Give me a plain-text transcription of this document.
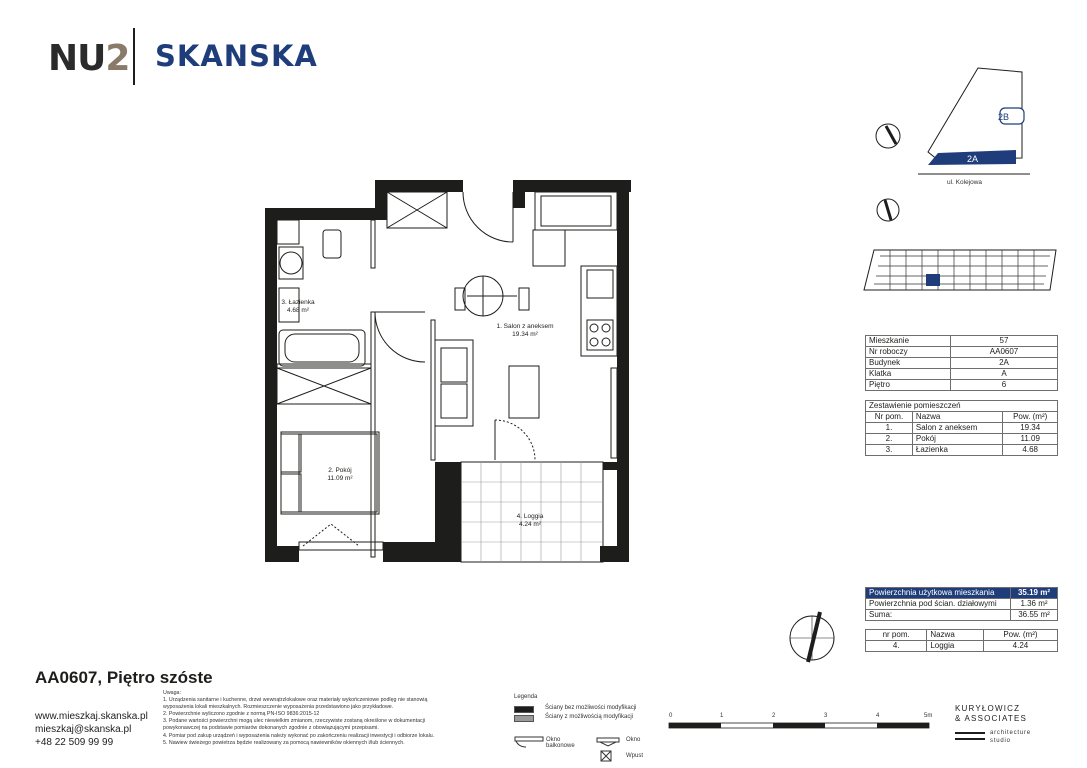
NU2 SKANSKA
1. Salon z aneksem
19.34 m²
3. Łazienka
4.68 m²
2. Pokój
11.09 m²
4. Loggia
4.24 m²
2B
2A
ul. Kolejowa
Mieszkanie	57
Nr roboczy	AA0607
Budynek	2A
Klatka	A
Piętro	6
Zestawienie pomieszczeń		
Nr pom.	Nazwa	Pow. (m²)
1.	Salon z aneksem	19.34
2.	Pokój	11.09
3.	Łazienka	4.68
Powierzchnia użytkowa mieszkania	35.19 m²
Powierzchnia pod ścian. działowymi	1.36 m²
Suma:	36.55 m²
nr pom.	Nazwa	Pow. (m²)
4.	Loggia	4.24
AA0607, Piętro szóste
www.mieszkaj.skanska.pl
mieszkaj@skanska.pl
+48 22 509 99 99
Uwaga:
1. Urządzenia sanitarne i kuchenne, drzwi wewnątrzlokalowe oraz materiały wykończeniowe podlęg nie stanowią
wyposażenia lokali mieszkalnych. Rozmieszczenie wyposażenia przedstawiono jako przykładowe.
2. Powierzchnie wyliczono zgodnie z normą PN-ISO 9836:2015-12
3. Podane wartości powierzchni mogą ulec niewielkim zmianom, rzeczywiste zostaną określone w dokumentacji
powykonawczej na podstawie pomiarów dokonanych zgodnie z obowiązującymi przepisami.
4. Pomiar pod zakup urządzeń i wyposażenia należy wykonać po zakończeniu realizacji inwestycji i odbiorze lokalu.
5. Nawiew świeżego powietrza będzie realizowany za pomocą nawiewników okiennych i/lub ściennych.
Legenda
Ściany bez możliwości modyfikacji
Ściany z możliwością modyfikacji
Okno
balkonowe
Okno
Wpust
0	1	2	3	4	5m
KURYŁOWICZ
& ASSOCIATES
architecture
studio
